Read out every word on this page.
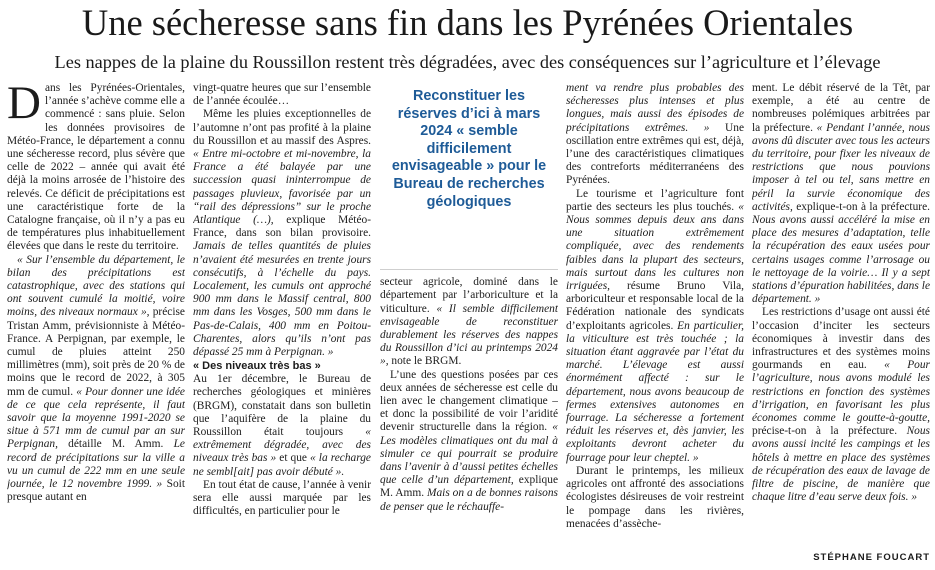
Une sécheresse sans fin dans les Pyrénées Orientales
Les nappes de la plaine du Roussillon restent très dégradées, avec des conséquences sur l’agriculture et l’élevage

Dans les Pyrénées-Orientales, l’année s’achève comme elle a commencé : sans pluie. Selon les données provisoires de Météo-France, le département a connu une sécheresse record, plus sévère que celle de 2022 – année qui avait été déjà la moins arrosée de l’histoire des relevés. Ce déficit de précipitations est une caractéristique forte de la Catalogne française, où il n’y a pas eu de températures plus inhabituellement élevées que dans le reste du territoire.

« Sur l’ensemble du département, le bilan des précipitations est catastrophique, avec des stations qui ont souvent cumulé la moitié, voire moins, des niveaux normaux », précise Tristan Amm, prévisionniste à Météo-France. A Perpignan, par exemple, le cumul de pluies atteint 250 millimètres (mm), soit près de 20 % de moins que le record de 2022, à 305 mm de cumul. « Pour donner une idée de ce que cela représente, il faut savoir que la moyenne 1991-2020 se situe à 571 mm de cumul par an sur Perpignan, détaille M. Amm. Le record de précipitations sur la ville a vu un cumul de 222 mm en une seule journée, le 12 novembre 1999. » Soit presque autant en

vingt-quatre heures que sur l’ensemble de l’année écoulée…

Même les pluies exceptionnelles de l’automne n’ont pas profité à la plaine du Roussillon et au massif des Aspres. « Entre mi-octobre et mi-novembre, la France a été balayée par une succession quasi ininterrompue de passages pluvieux, favorisée par un “rail des dépressions” sur le proche Atlantique (…), explique Météo-France, dans son bilan provisoire. Jamais de telles quantités de pluies n’avaient été mesurées en trente jours consécutifs, à l’échelle du pays. Localement, les cumuls ont approché 900 mm dans le Massif central, 800 mm dans les Vosges, 500 mm dans le Pas-de-Calais, 400 mm en Poitou-Charentes, alors qu’ils n’ont pas dépassé 25 mm à Perpignan. »

« Des niveaux très bas »

Au 1er décembre, le Bureau de recherches géologiques et minières (BRGM), constatait dans son bulletin que l’aquifère de la plaine du Roussillon était toujours « extrêmement dégradée, avec des niveaux très bas » et que « la recharge ne sembl[ait] pas avoir débuté ».

En tout état de cause, l’année à venir sera elle aussi marquée par les difficultés, en particulier pour le

Reconstituer les réserves d’ici à mars 2024 « semble difficilement envisageable » pour le Bureau de recherches géologiques

secteur agricole, dominé dans le département par l’arboriculture et la viticulture. « Il semble difficilement envisageable de reconstituer durablement les réserves des nappes du Roussillon d’ici au printemps 2024 », note le BRGM.

L’une des questions posées par ces deux années de sécheresse est celle du lien avec le changement climatique – et donc la possibilité de voir l’aridité devenir structurelle dans la région. « Les modèles climatiques ont du mal à simuler ce qui pourrait se produire dans l’avenir à d’aussi petites échelles que celle d’un département, explique M. Amm. Mais on a de bonnes raisons de penser que le réchauffe-

ment va rendre plus probables des sécheresses plus intenses et plus longues, mais aussi des épisodes de précipitations extrêmes. » Une oscillation entre extrêmes qui est, déjà, l’une des caractéristiques climatiques des contreforts méditerranéens des Pyrénées.

Le tourisme et l’agriculture font partie des secteurs les plus touchés. « Nous sommes depuis deux ans dans une situation extrêmement compliquée, avec des rendements faibles dans la plupart des secteurs, mais surtout dans les cultures non irriguées, résume Bruno Vila, arboriculteur et responsable local de la Fédération nationale des syndicats d’exploitants agricoles. En particulier, la viticulture est très touchée ; la situation étant aggravée par l’état du marché. L’élevage est aussi énormément affecté : sur le département, nous avons beaucoup de fermes extensives autonomes en fourrage. La sécheresse a fortement réduit les réserves et, dès janvier, les exploitants devront acheter du fourrage pour leur cheptel. »

Durant le printemps, les milieux agricoles ont affronté des associations écologistes désireuses de voir restreint le pompage dans les rivières, menacées d’assèche-

ment. Le débit réservé de la Têt, par exemple, a été au centre de nombreuses polémiques arbitrées par la préfecture. « Pendant l’année, nous avons dû discuter avec tous les acteurs du territoire, pour fixer les niveaux de restrictions que nous pouvions imposer à tel ou tel, sans mettre en péril la survie économique des activités, explique-t-on à la préfecture. Nous avons aussi accéléré la mise en place des mesures d’adaptation, telle la récupération des eaux usées pour certains usages comme l’arrosage ou le nettoyage de la voirie… Il y a sept stations d’épuration habilitées, dans le département. »

Les restrictions d’usage ont aussi été l’occasion d’inciter les secteurs économiques à investir dans des infrastructures et des systèmes moins gourmands en eau. « Pour l’agriculture, nous avons modulé les restrictions en fonction des systèmes d’irrigation, en favorisant les plus économes comme le goutte-à-goutte, précise-t-on à la préfecture. Nous avons aussi incité les campings et les hôtels à mettre en place des systèmes de récupération des eaux de lavage de filtre de piscine, de manière que chaque litre d’eau serve deux fois. »

STÉPHANE FOUCART
